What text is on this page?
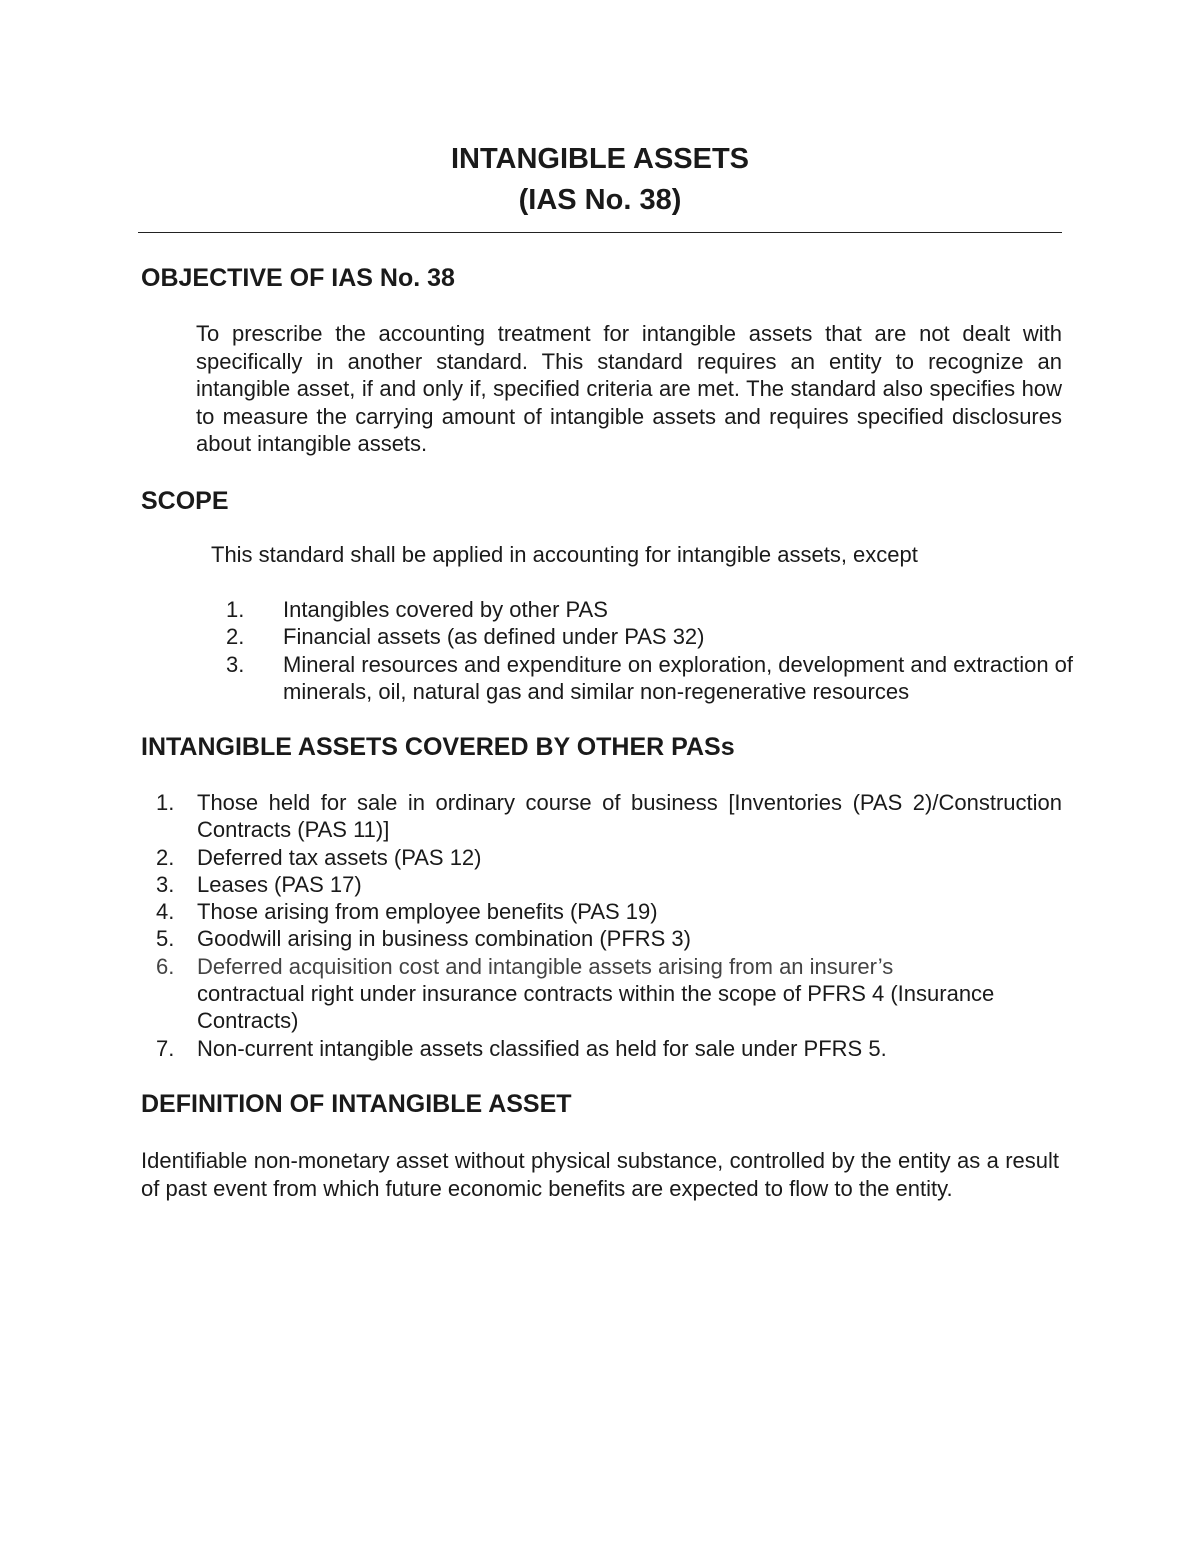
INTANGIBLE ASSETS
(IAS No. 38)
OBJECTIVE OF IAS No. 38

To prescribe the accounting treatment for intangible assets that are not dealt with specifically in another standard. This standard requires an entity to recognize an intangible asset, if and only if, specified criteria are met. The standard also specifies how to measure the carrying amount of intangible assets and requires specified disclosures about intangible assets.

SCOPE

This standard shall be applied in accounting for intangible assets, except

1. Intangibles covered by other PAS
2. Financial assets (as defined under PAS 32)
3. Mineral resources and expenditure on exploration, development and extraction of minerals, oil, natural gas and similar non-regenerative resources
INTANGIBLE ASSETS COVERED BY OTHER PASs
1. Those held for sale in ordinary course of business [Inventories (PAS 2)/Construction Contracts (PAS 11)]
2. Deferred tax assets (PAS 12)
3. Leases (PAS 17)
4. Those arising from employee benefits (PAS 19)
5. Goodwill arising in business combination (PFRS 3)
6. Deferred acquisition cost and intangible assets arising from an insurer’s
contractual right under insurance contracts within the scope of PFRS 4 (Insurance Contracts)
7. Non-current intangible assets classified as held for sale under PFRS 5.
DEFINITION OF INTANGIBLE ASSET

Identifiable non-monetary asset without physical substance, controlled by the entity as a result of past event from which future economic benefits are expected to flow to the entity.
